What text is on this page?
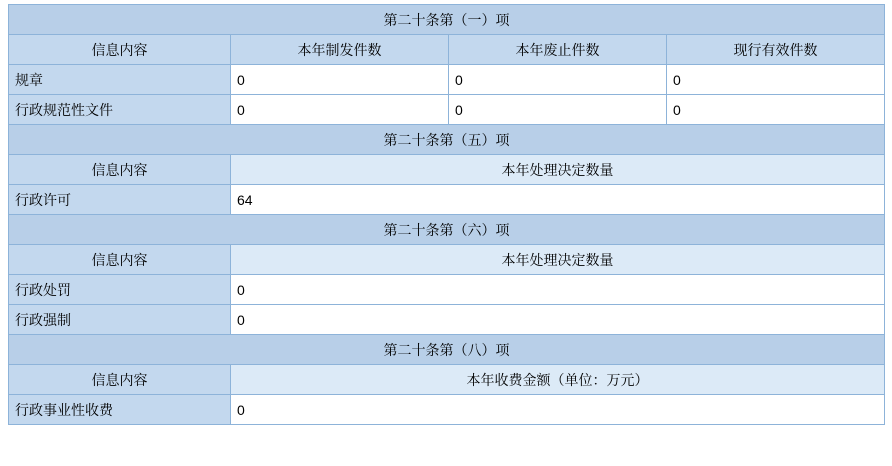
第二十条第（一）项			
信息内容	本年制发件数	本年废止件数	现行有效件数
规章	0	0	0
行政规范性文件	0	0	0
第二十条第（五）项			
信息内容	本年处理决定数量		
行政许可	64		
第二十条第（六）项			
信息内容	本年处理决定数量		
行政处罚	0		
行政强制	0		
第二十条第（八）项			
信息内容	本年收费金额（单位：万元）		
行政事业性收费	0		
